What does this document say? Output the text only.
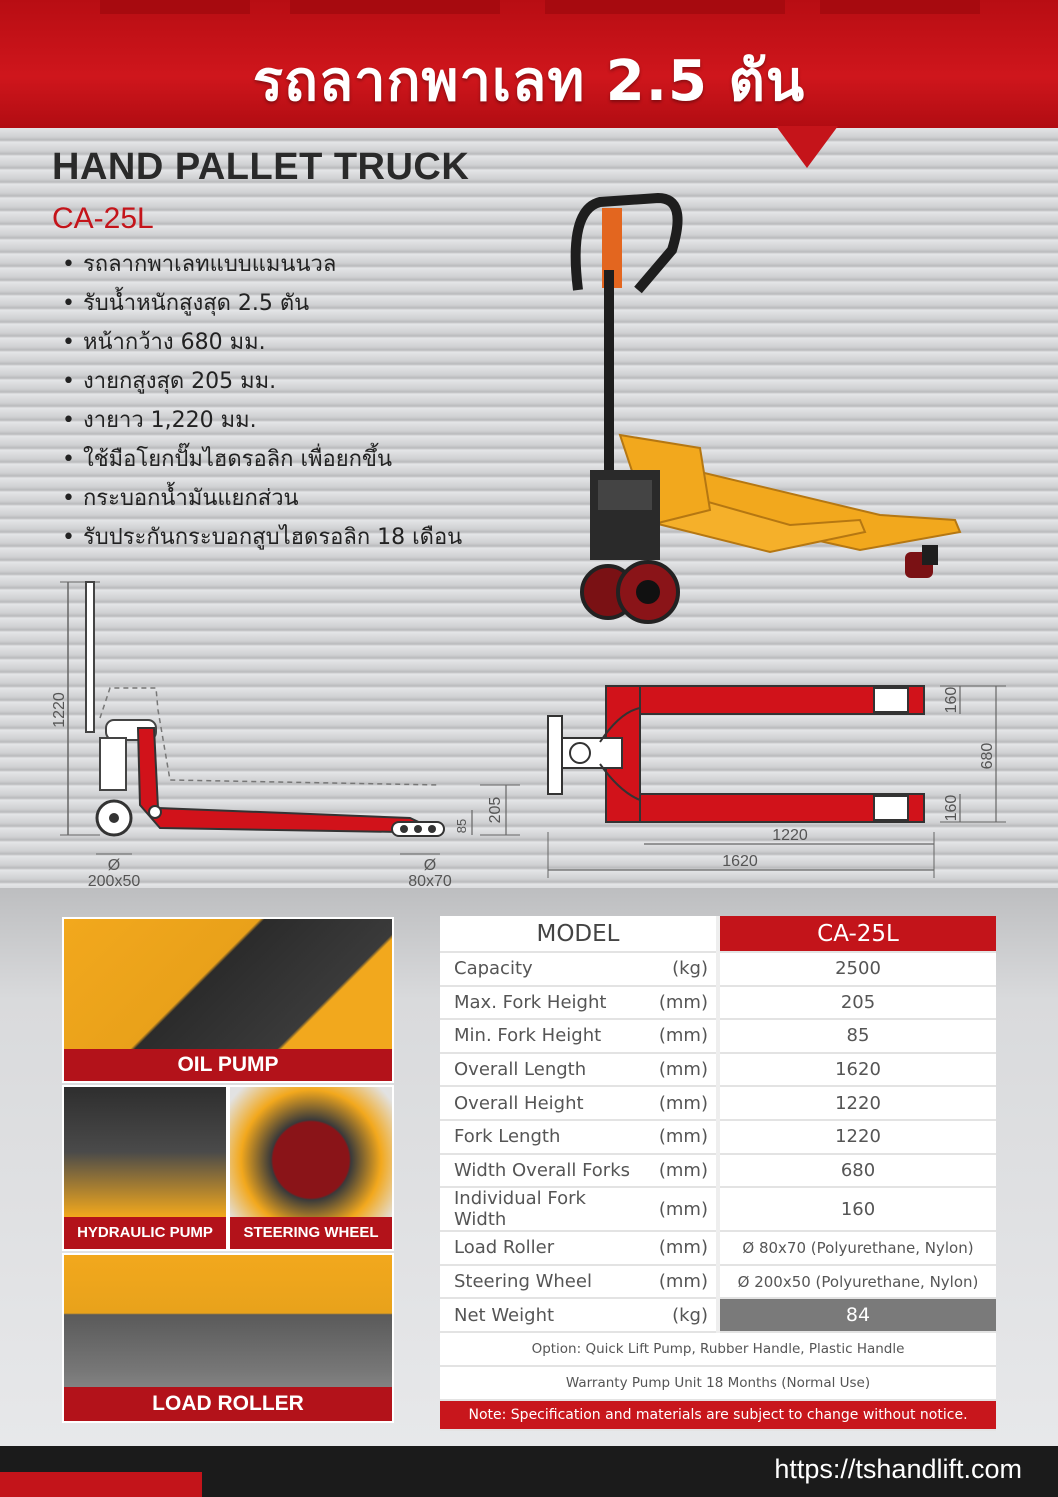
รถลากพาเลท 2.5 ตัน
HAND PALLET TRUCK
CA-25L
• รถลากพาเลทแบบแมนนวล
• รับน้ำหนักสูงสุด 2.5 ตัน
• หน้ากว้าง 680 มม.
• งายกสูงสุด 205 มม.
• งายาว 1,220 มม.
• ใช้มือโยกปั๊มไฮดรอลิก เพื่อยกขึ้น
• กระบอกน้ำมันแยกส่วน
• รับประกันกระบอกสูบไฮดรอลิก 18 เดือน
1220
205
85
Ø
200x50
Ø
80x70
160
160
680
1220
1620
OIL PUMP
HYDRAULIC PUMP	STEERING WHEEL
LOAD ROLLER
MODEL		CA-25L
Capacity	(kg)	2500
Max. Fork Height	(mm)	205
Min. Fork Height	(mm)	85
Overall Length	(mm)	1620
Overall Height	(mm)	1220
Fork Length	(mm)	1220
Width Overall Forks	(mm)	680
Individual Fork Width	(mm)	160
Load Roller	(mm)	Ø 80x70 (Polyurethane, Nylon)
Steering Wheel	(mm)	Ø 200x50 (Polyurethane, Nylon)
Net Weight	(kg)	84
Option: Quick Lift Pump, Rubber Handle, Plastic Handle		
Warranty Pump Unit 18 Months (Normal Use)		
Note: Specification and materials are subject to change without notice.		
https://tshandlift.com
